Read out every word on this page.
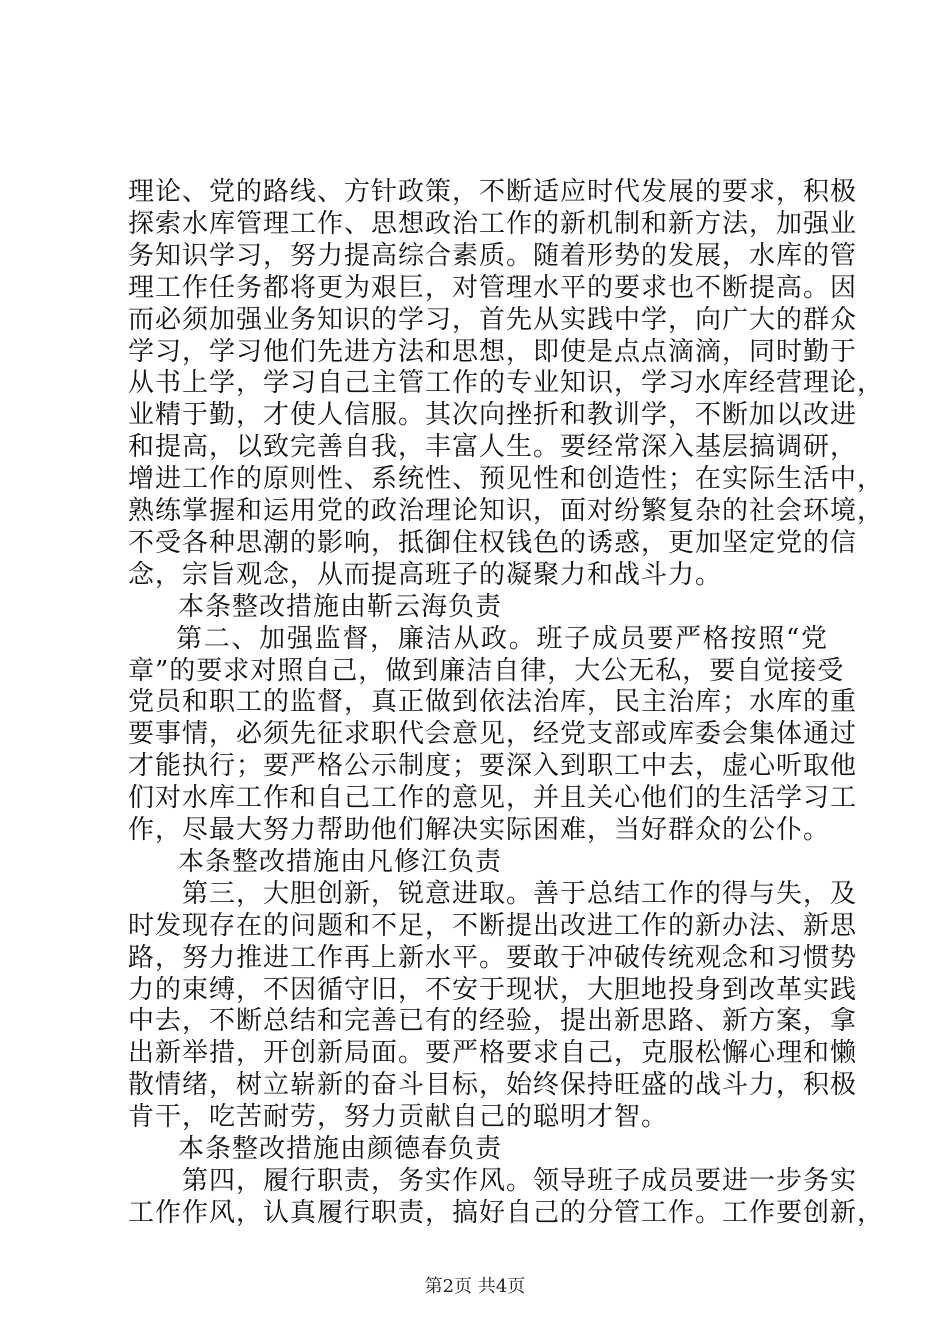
理论、党的路线、方针政策，不断适应时代发展的要求，积极
探索水库管理工作、思想政治工作的新机制和新方法，加强业
务知识学习，努力提高综合素质。随着形势的发展，水库的管
理工作任务都将更为艰巨，对管理水平的要求也不断提高。因
而必须加强业务知识的学习，首先从实践中学，向广大的群众
学习，学习他们先进方法和思想，即使是点点滴滴，同时勤于
从书上学，学习自己主管工作的专业知识，学习水库经营理论，
业精于勤，才使人信服。其次向挫折和教训学，不断加以改进
和提高，以致完善自我，丰富人生。要经常深入基层搞调研，
增进工作的原则性、系统性、预见性和创造性；在实际生活中，
熟练掌握和运用党的政治理论知识，面对纷繁复杂的社会环境，
不受各种思潮的影响，抵御住权钱色的诱惑，更加坚定党的信
念，宗旨观念，从而提高班子的凝聚力和战斗力。
本条整改措施由靳云海负责
第二、加强监督，廉洁从政。班子成员要严格按照“党
章”的要求对照自己，做到廉洁自律，大公无私，要自觉接受
党员和职工的监督，真正做到依法治库，民主治库；水库的重
要事情，必须先征求职代会意见，经党支部或库委会集体通过
才能执行；要严格公示制度；要深入到职工中去，虚心听取他
们对水库工作和自己工作的意见，并且关心他们的生活学习工
作，尽最大努力帮助他们解决实际困难，当好群众的公仆。
本条整改措施由凡修江负责
第三，大胆创新，锐意进取。善于总结工作的得与失，及
时发现存在的问题和不足，不断提出改进工作的新办法、新思
路，努力推进工作再上新水平。要敢于冲破传统观念和习惯势
力的束缚，不因循守旧，不安于现状，大胆地投身到改革实践
中去，不断总结和完善已有的经验，提出新思路、新方案，拿
出新举措，开创新局面。要严格要求自己，克服松懈心理和懒
散情绪，树立崭新的奋斗目标，始终保持旺盛的战斗力，积极
肯干，吃苦耐劳，努力贡献自己的聪明才智。
本条整改措施由颜德春负责
第四，履行职责，务实作风。领导班子成员要进一步务实
工作作风，认真履行职责，搞好自己的分管工作。工作要创新，
第2页 共4页
